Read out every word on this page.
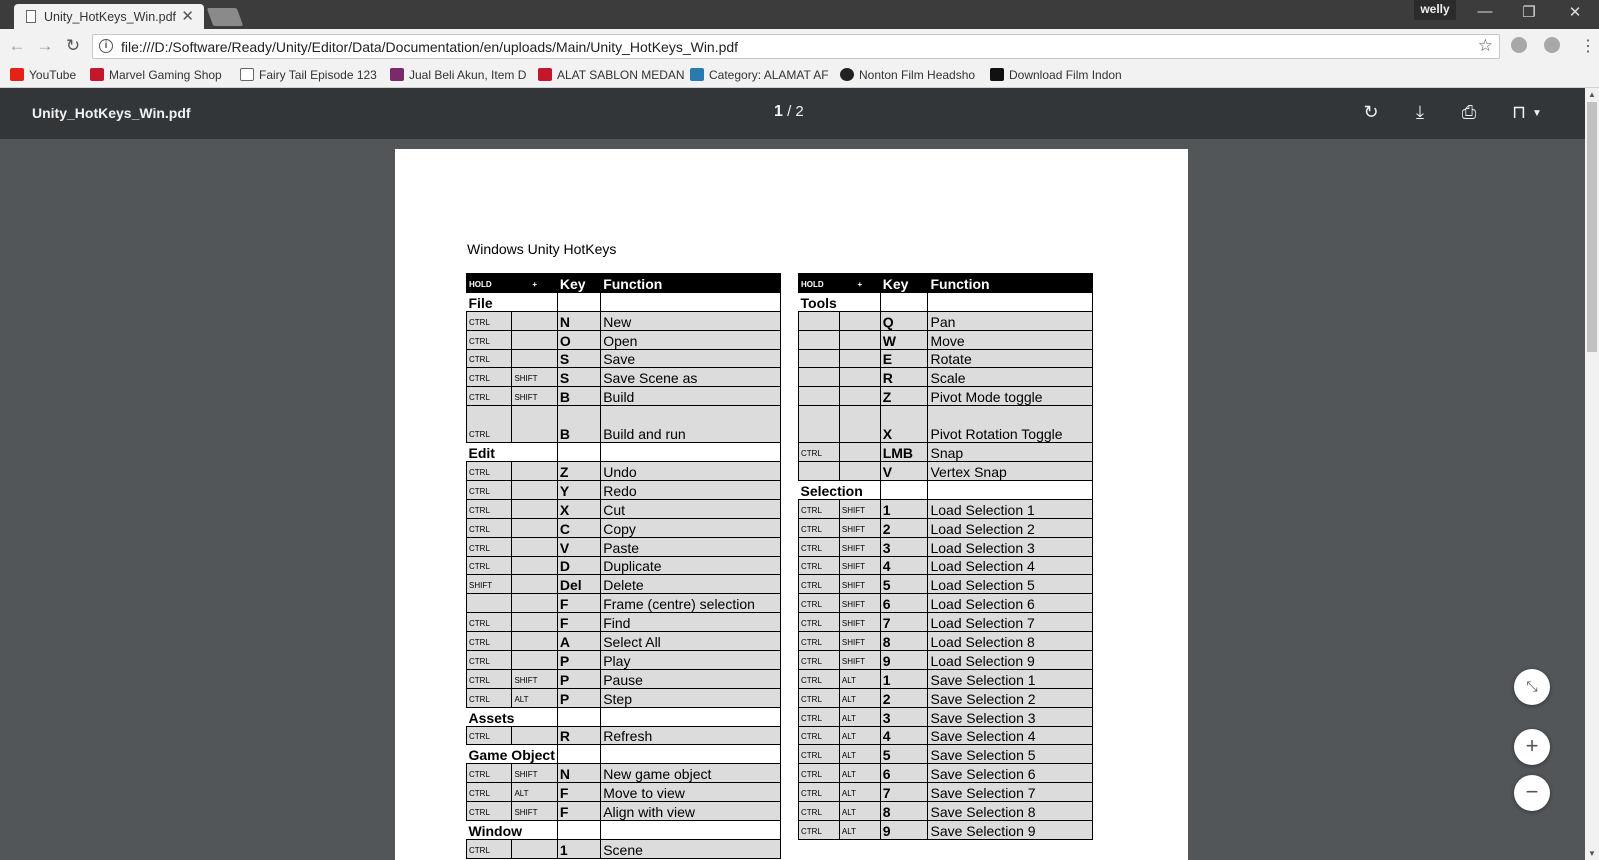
Unity_HotKeys_Win.pdf ✕	welly	—	❐	✕
← → ↻	i file:///D:/Software/Ready/Unity/Editor/Data/Documentation/en/uploads/Main/Unity_HotKeys_Win.pdf	☆	⋮
YouTube	Marvel Gaming Shop	Fairy Tail Episode 123	Jual Beli Akun, Item D	ALAT SABLON MEDAN	Category: ALAMAT AF	Nonton Film Headsho	Download Film Indon
Unity_HotKeys_Win.pdf	1 / 2	↻	⤓	⎙ ⊓ ▼
▲
▼
Windows Unity HotKeys
HOLD	+	Key	Function
File			
CTRL		N	New
CTRL		O	Open
CTRL		S	Save
CTRL	SHIFT	S	Save Scene as
CTRL	SHIFT	B	Build
CTRL		B	Build and run
Edit			
CTRL		Z	Undo
CTRL		Y	Redo
CTRL		X	Cut
CTRL		C	Copy
CTRL		V	Paste
CTRL		D	Duplicate
SHIFT		Del	Delete
		F	Frame (centre) selection
CTRL		F	Find
CTRL		A	Select All
CTRL		P	Play
CTRL	SHIFT	P	Pause
CTRL	ALT	P	Step
Assets			
CTRL		R	Refresh
Game Object			
CTRL	SHIFT	N	New game object
CTRL	ALT	F	Move to view
CTRL	SHIFT	F	Align with view
Window			
CTRL		1	Scene
HOLD	+	Key	Function
Tools			
		Q	Pan
		W	Move
		E	Rotate
		R	Scale
		Z	Pivot Mode toggle
		X	Pivot Rotation Toggle
CTRL		LMB	Snap
		V	Vertex Snap
Selection			
CTRL	SHIFT	1	Load Selection 1
CTRL	SHIFT	2	Load Selection 2
CTRL	SHIFT	3	Load Selection 3
CTRL	SHIFT	4	Load Selection 4
CTRL	SHIFT	5	Load Selection 5
CTRL	SHIFT	6	Load Selection 6
CTRL	SHIFT	7	Load Selection 7
CTRL	SHIFT	8	Load Selection 8
CTRL	SHIFT	9	Load Selection 9
CTRL	ALT	1	Save Selection 1
CTRL	ALT	2	Save Selection 2
CTRL	ALT	3	Save Selection 3
CTRL	ALT	4	Save Selection 4
CTRL	ALT	5	Save Selection 5
CTRL	ALT	6	Save Selection 6
CTRL	ALT	7	Save Selection 7
CTRL	ALT	8	Save Selection 8
CTRL	ALT	9	Save Selection 9
⤡
+
−
